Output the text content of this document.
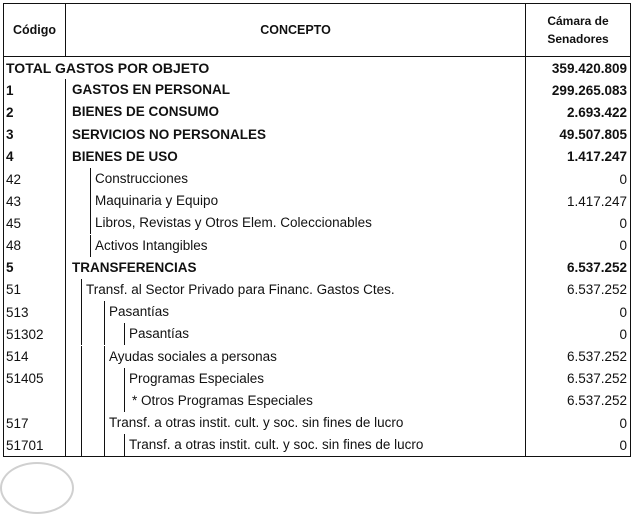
Código	CONCEPTO	Cámara de
Senadores

TOTAL GASTOS POR OBJETO		359.420.809
1	GASTOS EN PERSONAL	299.265.083
2	BIENES DE CONSUMO	2.693.422
3	SERVICIOS NO PERSONALES	49.507.805
4	BIENES DE USO	1.417.247
42	Construcciones	0
43	Maquinaria y Equipo	1.417.247
45	Libros, Revistas y Otros Elem. Coleccionables	0
48	Activos Intangibles	0
5	TRANSFERENCIAS	6.537.252
51	Transf. al Sector Privado para Financ. Gastos Ctes.	6.537.252
513	Pasantías	0
51302	Pasantías	0
514	Ayudas sociales a personas	6.537.252
51405	Programas Especiales	6.537.252

	* Otros Programas Especiales	6.537.252
517	Transf. a otras instit. cult. y soc. sin fines de lucro	0
51701	Transf. a otras instit. cult. y soc. sin fines de lucro	0
